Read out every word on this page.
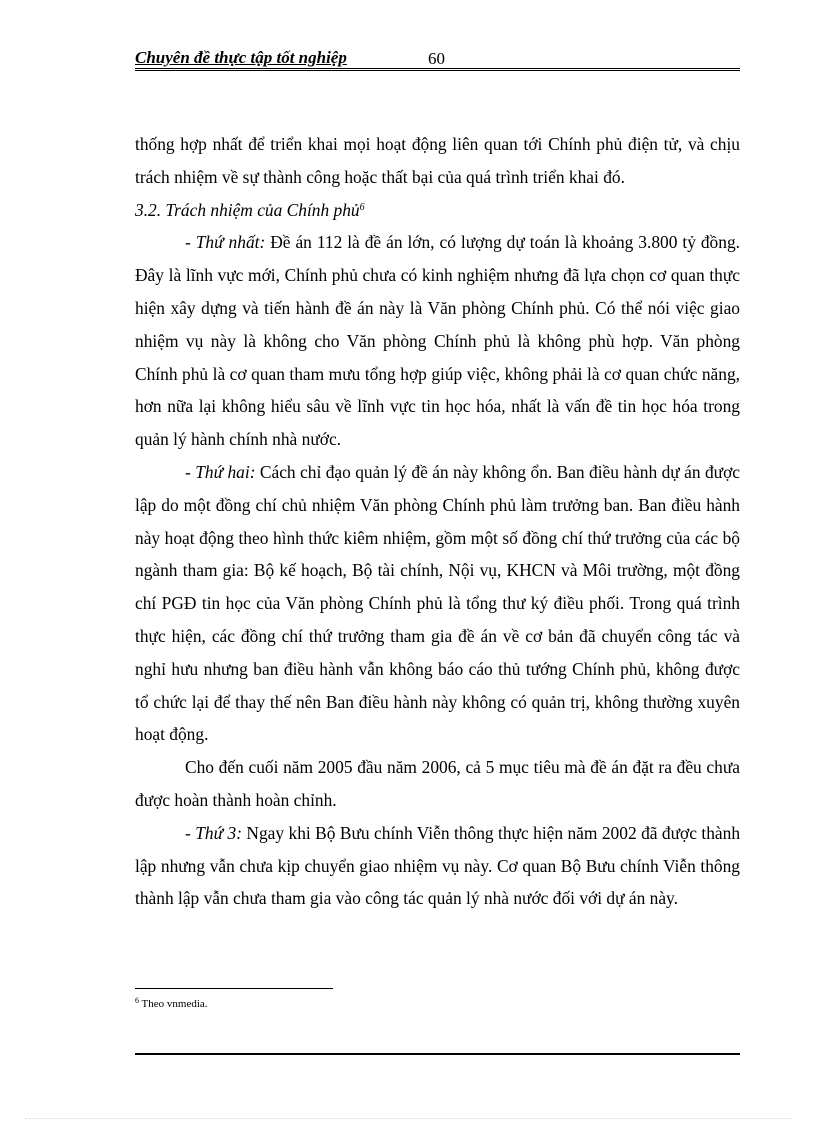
Chuyên đề thực tập tốt nghiệp	60

thống hợp nhất để triển khai mọi hoạt động liên quan tới Chính phủ điện tử, và chịu trách nhiệm về sự thành công hoặc thất bại của quá trình triển khai đó.

3.2. Trách nhiệm của Chính phủ$^6$

- Thứ nhất: Đề án 112 là đề án lớn, có lượng dự toán là khoảng 3.800 tỷ đồng. Đây là lĩnh vực mới, Chính phủ chưa có kinh nghiệm nhưng đã lựa chọn cơ quan thực hiện xây dựng và tiến hành đề án này là Văn phòng Chính phủ. Có thể nói việc giao nhiệm vụ này là không cho Văn phòng Chính phủ là không phù hợp. Văn phòng Chính phủ là cơ quan tham mưu tổng hợp giúp việc, không phải là cơ quan chức năng, hơn nữa lại không hiểu sâu về lĩnh vực tin học hóa, nhất là vấn đề tin học hóa trong quản lý hành chính nhà nước.

- Thứ hai: Cách chỉ đạo quản lý đề án này không ổn. Ban điều hành dự án được lập do một đồng chí chủ nhiệm Văn phòng Chính phủ làm trưởng ban. Ban điều hành này hoạt động theo hình thức kiêm nhiệm, gồm một số đồng chí thứ trưởng của các bộ ngành tham gia: Bộ kế hoạch, Bộ tài chính, Nội vụ, KHCN và Môi trường, một đồng chí PGĐ tin học của Văn phòng Chính phủ là tổng thư ký điều phối. Trong quá trình thực hiện, các đồng chí thứ trưởng tham gia đề án về cơ bản đã chuyển công tác và nghỉ hưu nhưng ban điều hành vẫn không báo cáo thủ tướng Chính phủ, không được tổ chức lại để thay thế nên Ban điều hành này không có quản trị, không thường xuyên hoạt động.

Cho đến cuối năm 2005 đầu năm 2006, cả 5 mục tiêu mà đề án đặt ra đều chưa được hoàn thành hoàn chỉnh.

- Thứ 3: Ngay khi Bộ Bưu chính Viễn thông thực hiện năm 2002 đã được thành lập nhưng vẫn chưa kịp chuyển giao nhiệm vụ này. Cơ quan Bộ Bưu chính Viễn thông thành lập vẫn chưa tham gia vào công tác quản lý nhà nước đối với dự án này.

$^6$ Theo vnmedia.
